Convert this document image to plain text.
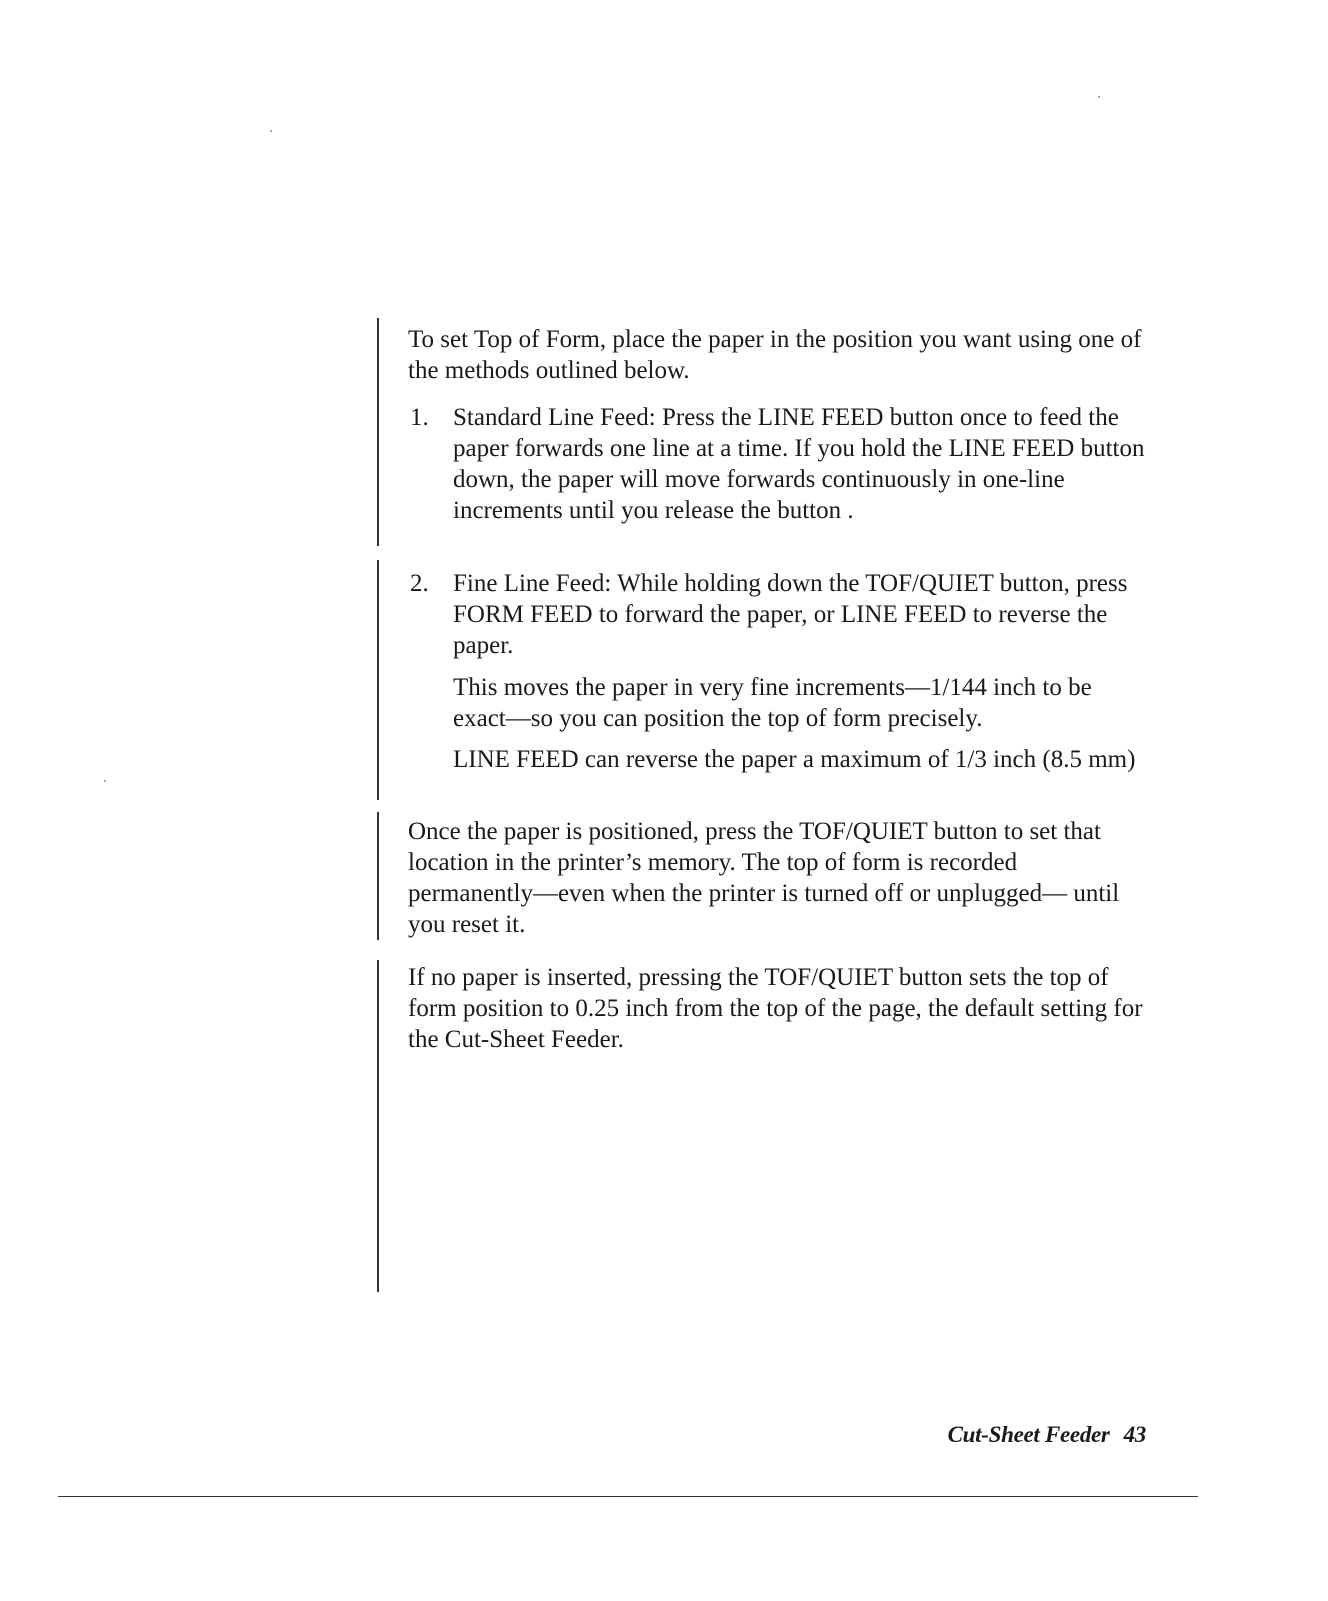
To set Top of Form, place the paper in the position you want using one of the methods outlined below.

1. Standard Line Feed: Press the LINE FEED button once to feed the paper forwards one line at a time. If you hold the LINE FEED button down, the paper will move forwards continuously in one-line increments until you release the button .

2. Fine Line Feed: While holding down the TOF/QUIET button, press FORM FEED to forward the paper, or LINE FEED to reverse the paper.

This moves the paper in very fine increments—1/144 inch to be exact—so you can position the top of form precisely.

LINE FEED can reverse the paper a maximum of 1/3 inch (8.5 mm)

Once the paper is positioned, press the TOF/QUIET button to set that location in the printer’s memory. The top of form is recorded permanently—even when the printer is turned off or unplugged— until you reset it.

If no paper is inserted, pressing the TOF/QUIET button sets the top of form position to 0.25 inch from the top of the page, the default setting for the Cut-Sheet Feeder.

Cut-Sheet Feeder 43
